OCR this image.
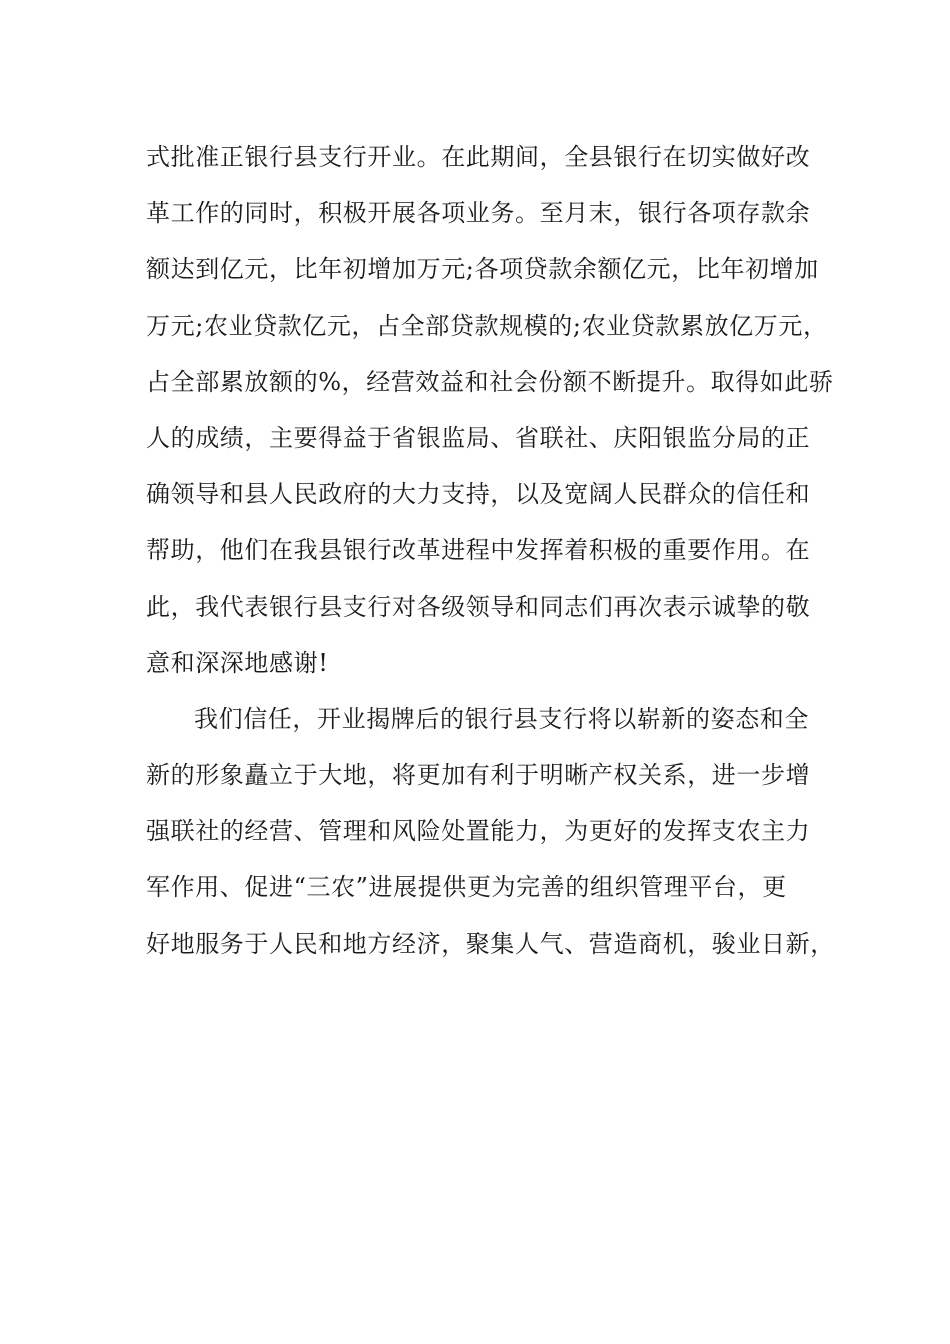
式批准正银行县支行开业。在此期间，全县银行在切实做好改
革工作的同时，积极开展各项业务。至月末，银行各项存款余
额达到亿元，比年初增加万元;各项贷款余额亿元，比年初增加
万元;农业贷款亿元，占全部贷款规模的;农业贷款累放亿万元，
占全部累放额的%，经营效益和社会份额不断提升。取得如此骄
人的成绩，主要得益于省银监局、省联社、庆阳银监分局的正
确领导和县人民政府的大力支持，以及宽阔人民群众的信任和
帮助，他们在我县银行改革进程中发挥着积极的重要作用。在
此，我代表银行县支行对各级领导和同志们再次表示诚挚的敬
意和深深地感谢!
我们信任，开业揭牌后的银行县支行将以崭新的姿态和全
新的形象矗立于大地，将更加有利于明晰产权关系，进一步增
强联社的经营、管理和风险处置能力，为更好的发挥支农主力
军作用、促进“三农”进展提供更为完善的组织管理平台，更
好地服务于人民和地方经济，聚集人气、营造商机，骏业日新，
